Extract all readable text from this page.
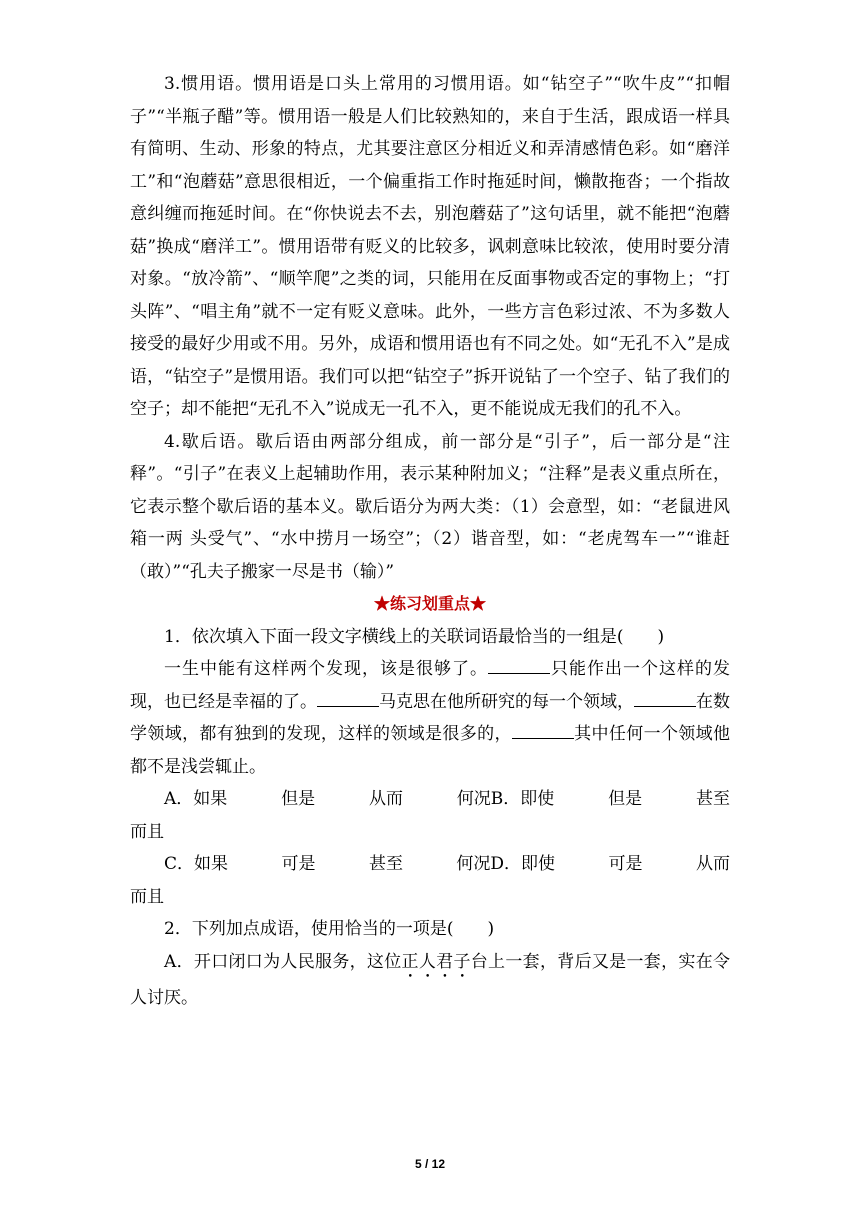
3.惯用语。惯用语是口头上常用的习惯用语。如“钻空子”“吹牛皮”“扣帽子”“半瓶子醋”等。惯用语一般是人们比较熟知的，来自于生活，跟成语一样具有简明、生动、形象的特点，尤其要注意区分相近义和弄清感情色彩。如“磨洋工”和“泡蘑菇”意思很相近，一个偏重指工作时拖延时间，懒散拖沓；一个指故意纠缠而拖延时间。在“你快说去不去，别泡蘑菇了”这句话里，就不能把“泡蘑菇”换成“磨洋工”。惯用语带有贬义的比较多，讽刺意味比较浓，使用时要分清对象。“放冷箭”、“顺竿爬”之类的词，只能用在反面事物或否定的事物上；“打头阵”、“唱主角”就不一定有贬义意味。此外，一些方言色彩过浓、不为多数人接受的最好少用或不用。另外，成语和惯用语也有不同之处。如“无孔不入”是成语，“钻空子”是惯用语。我们可以把“钻空子”拆开说钻了一个空子、钻了我们的空子；却不能把“无孔不入”说成无一孔不入，更不能说成无我们的孔不入。

4.歇后语。歇后语由两部分组成，前一部分是“引子”，后一部分是“注释”。“引子”在表义上起辅助作用，表示某种附加义；“注释”是表义重点所在，它表示整个歇后语的基本义。歇后语分为两大类：（1）会意型，如：“老鼠进风箱一两 头受气”、“水中捞月一场空”；（2）谐音型，如：“老虎驾车一”“谁赶（敢）”“孔夫子搬家一尽是书（输）”

★练习划重点★

1．依次填入下面一段文字横线上的关联词语最恰当的一组是(　　)

一生中能有这样两个发现，该是很够了。	只能作出一个这样的发现，也已经是幸福的了。	马克思在他所研究的每一个领域，	在数学领域，都有独到的发现，这样的领域是很多的，	其中任何一个领域他都不是浅尝辄止。

A．如果	但是	从而	何况B．即使	但是	甚至

而且

C．如果	可是	甚至	何况D．即使	可是	从而

而且

2．下列加点成语，使用恰当的一项是(　　)

A．开口闭口为人民服务，这位正人君子台上一套，背后又是一套，实在令人讨厌。

5 / 12
